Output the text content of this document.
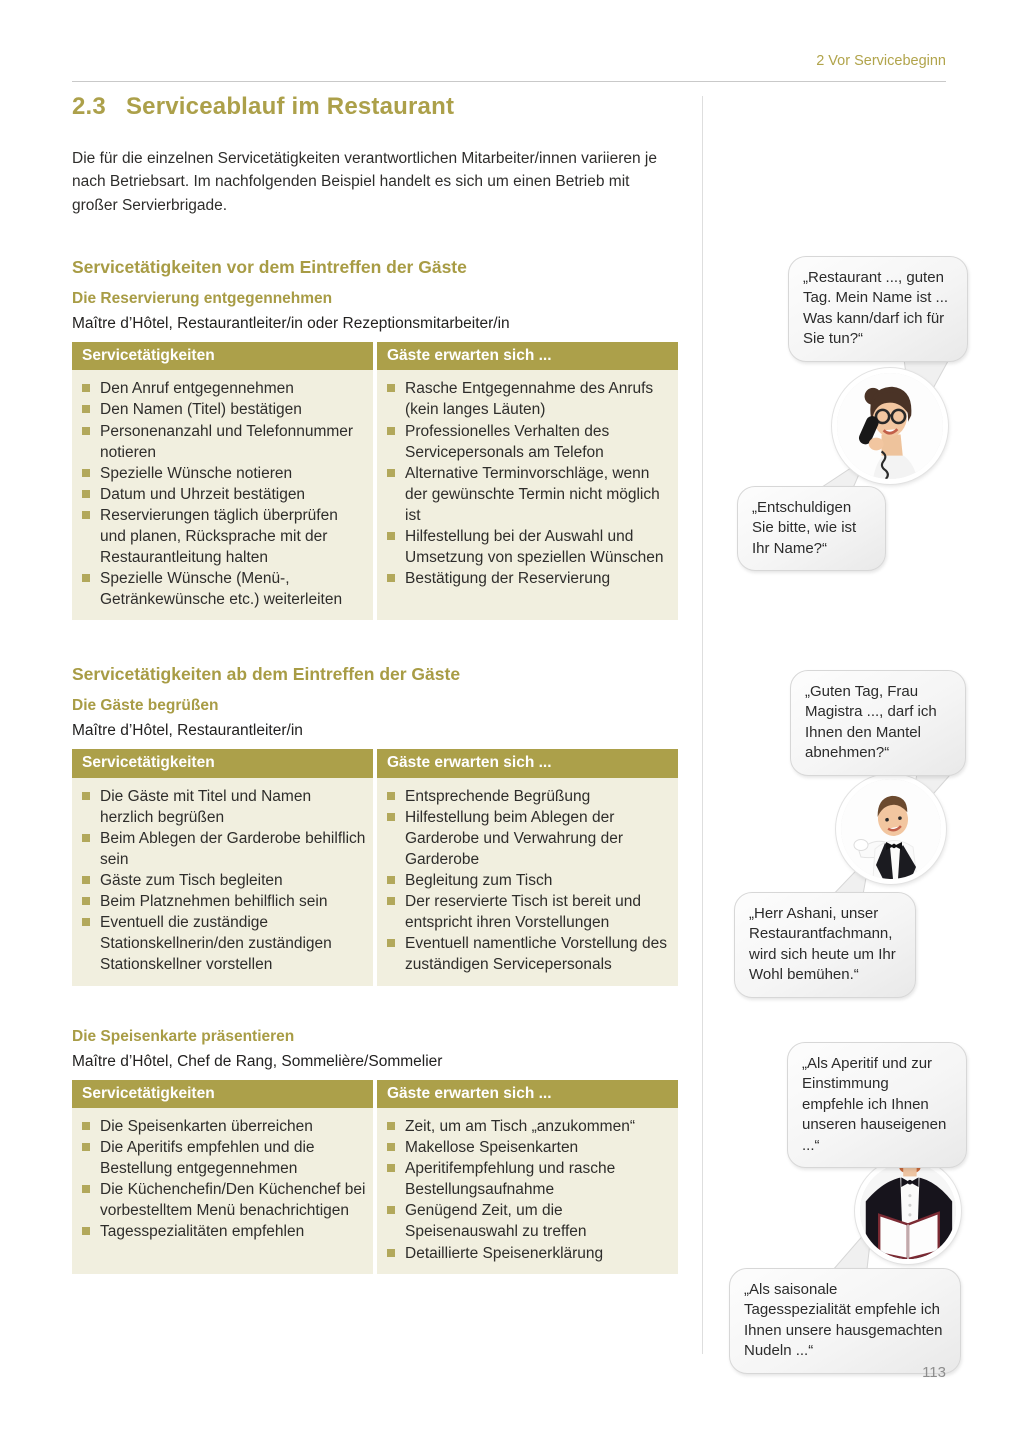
2 Vor Servicebeginn
2.3 Serviceablauf im Restaurant

Die für die einzelnen Servicetätigkeiten verantwortlichen Mitarbeiter/innen variieren je nach Betriebsart. Im nachfolgenden Beispiel handelt es sich um einen Betrieb mit großer Servierbrigade.

Servicetätigkeiten vor dem Eintreffen der Gäste
Die Reservierung entgegennehmen

Maître d’Hôtel, Restaurantleiter/in oder Rezeptionsmitarbeiter/in

Servicetätigkeiten
Den Anruf entgegennehmen
Den Namen (Titel) bestätigen
Personenanzahl und Telefonnummer notieren
Spezielle Wünsche notieren
Datum und Uhrzeit bestätigen
Reservierungen täglich überprüfen und planen, Rücksprache mit der Restaurantleitung halten
Spezielle Wünsche (Menü-, Getränkewünsche etc.) weiterleiten
Gäste erwarten sich ...
Rasche Entgegennahme des Anrufs (kein langes Läuten)
Professionelles Verhalten des Servicepersonals am Telefon
Alternative Terminvorschläge, wenn der gewünschte Termin nicht möglich ist
Hilfestellung bei der Auswahl und Umsetzung von speziellen Wünschen
Bestätigung der Reservierung
Servicetätigkeiten ab dem Eintreffen der Gäste
Die Gäste begrüßen

Maître d’Hôtel, Restaurantleiter/in

Servicetätigkeiten
Die Gäste mit Titel und Namen herzlich begrüßen
Beim Ablegen der Garderobe behilflich sein
Gäste zum Tisch begleiten
Beim Platznehmen behilflich sein
Eventuell die zuständige Stationskellnerin/den zuständigen Stationskellner vorstellen
Gäste erwarten sich ...
Entsprechende Begrüßung
Hilfestellung beim Ablegen der Garderobe und Verwahrung der Garderobe
Begleitung zum Tisch
Der reservierte Tisch ist bereit und entspricht ihren Vorstellungen
Eventuell namentliche Vorstellung des zuständigen Servicepersonals
Die Speisenkarte präsentieren

Maître d’Hôtel, Chef de Rang, Sommelière/Sommelier

Servicetätigkeiten
Die Speisenkarten überreichen
Die Aperitifs empfehlen und die Bestellung entgegennehmen
Die Küchenchefin/Den Küchenchef bei vorbestelltem Menü benachrichtigen
Tagesspezialitäten empfehlen
Gäste erwarten sich ...
Zeit, um am Tisch „anzukommen“
Makellose Speisenkarten
Aperitifempfehlung und rasche Bestellungsaufnahme
Genügend Zeit, um die Speisenauswahl zu treffen
Detaillierte Speisenerklärung
„Restaurant ..., guten Tag. Mein Name ist ... Was kann/darf ich für Sie tun?“
„Entschuldigen Sie bitte, wie ist Ihr Name?“
„Guten Tag, Frau Magistra ..., darf ich Ihnen den Mantel abnehmen?“
„Herr Ashani, unser Restaurantfachmann, wird sich heute um Ihr Wohl bemühen.“
„Als Aperitif und zur Einstimmung empfehle ich Ihnen unseren hauseigenen ...“
„Als saisonale Tagesspezialität empfehle ich Ihnen unsere hausgemachten Nudeln ...“
113
